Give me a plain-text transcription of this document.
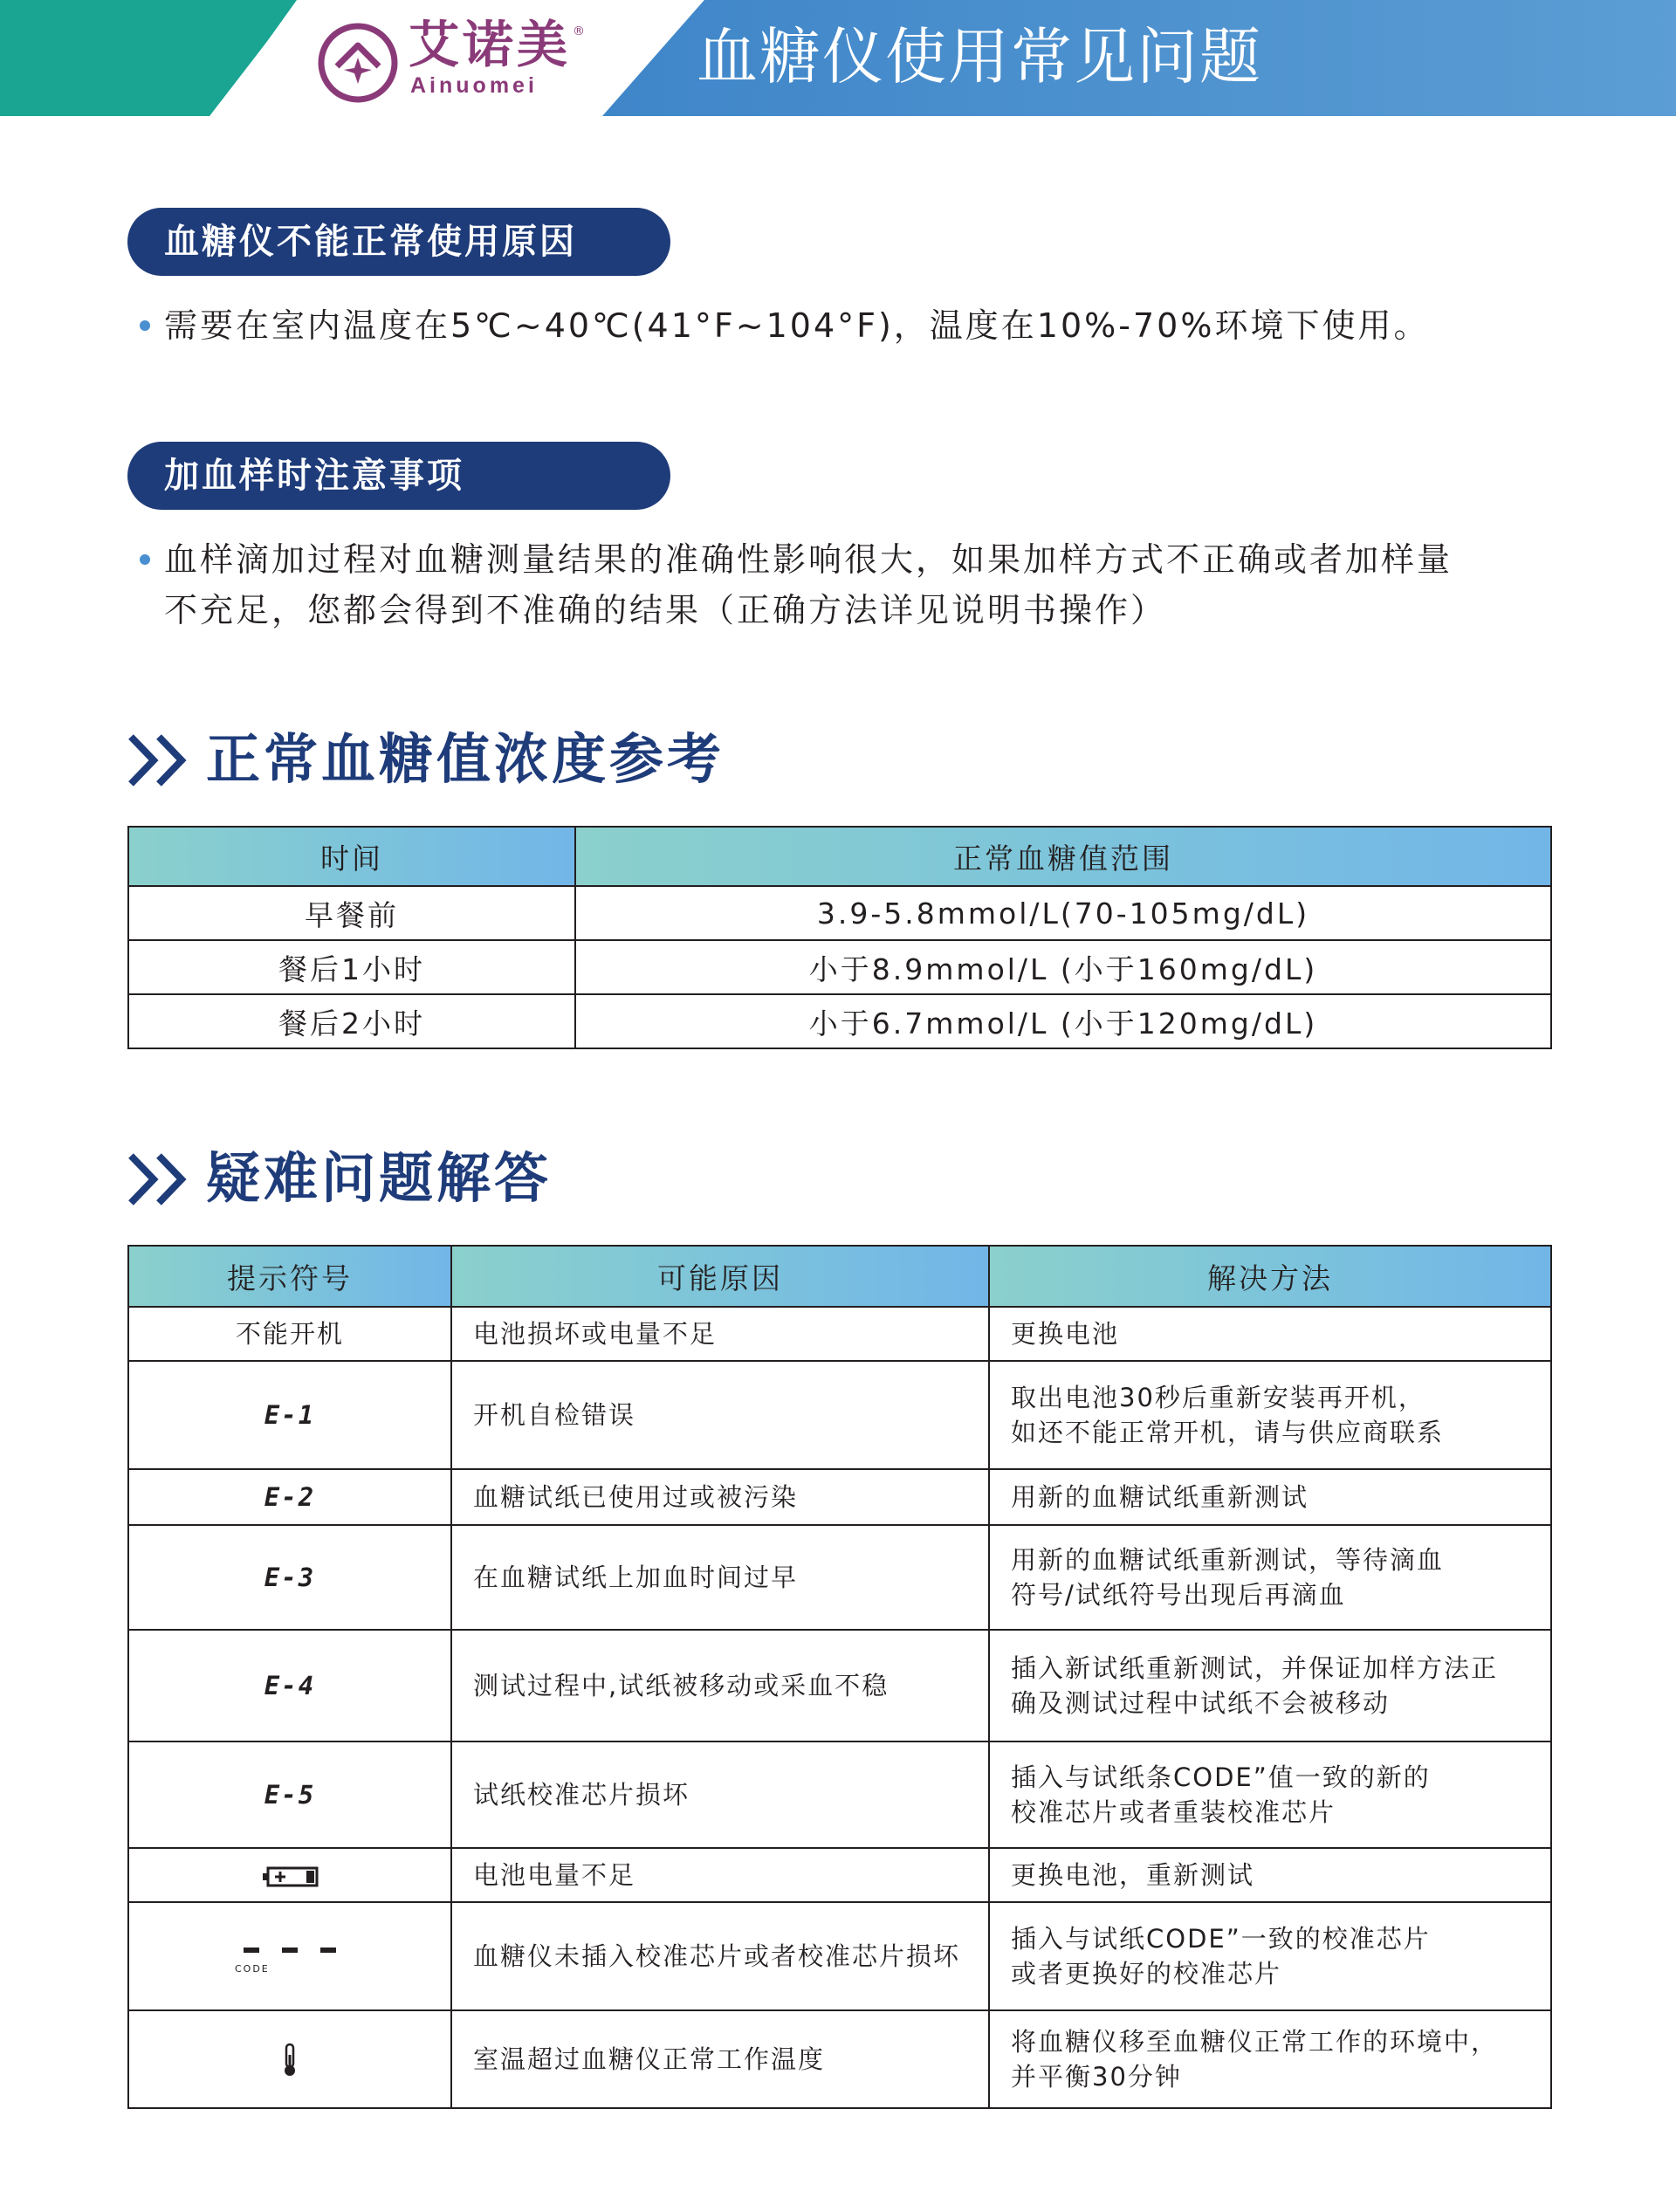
艾诺美 ®
Ainuomei	血糖仪使用常见问题
血糖仪不能正常使用原因
需要在室内温度在5℃~40℃(41°F~104°F)，温度在10%-70%环境下使用。
加血样时注意事项
血样滴加过程对血糖测量结果的准确性影响很大，如果加样方式不正确或者加样量
不充足，您都会得到不准确的结果（正确方法详见说明书操作）
正常血糖值浓度参考
时间	正常血糖值范围
早餐前	3.9-5.8mmol/L(70-105mg/dL)
餐后1小时	小于8.9mmol/L (小于160mg/dL)
餐后2小时	小于6.7mmol/L (小于120mg/dL)
疑难问题解答
提示符号	可能原因	解决方法
不能开机	电池损坏或电量不足	更换电池
E-1	开机自检错误	取出电池30秒后重新安装再开机，
如还不能正常开机，请与供应商联系
E-2	血糖试纸已使用过或被污染	用新的血糖试纸重新测试
E-3	在血糖试纸上加血时间过早	用新的血糖试纸重新测试，等待滴血
符号/试纸符号出现后再滴血
E-4	测试过程中,试纸被移动或采血不稳	插入新试纸重新测试，并保证加样方法正
确及测试过程中试纸不会被移动
E-5	试纸校准芯片损坏	插入与试纸条CODE”值一致的新的
校准芯片或者重装校准芯片
	电池电量不足	更换电池，重新测试

CODE	血糖仪未插入校准芯片或者校准芯片损坏	插入与试纸CODE”一致的校准芯片
或者更换好的校准芯片
	室温超过血糖仪正常工作温度	将血糖仪移至血糖仪正常工作的环境中，
并平衡30分钟
